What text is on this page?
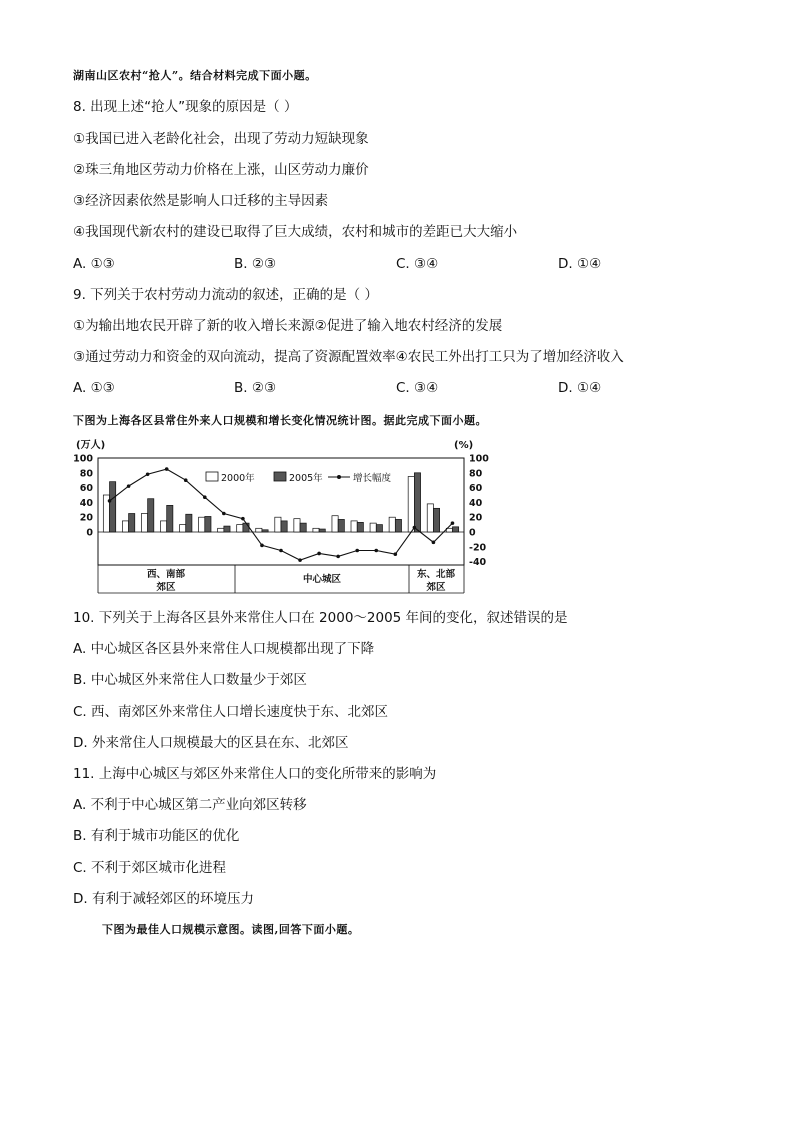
湖南山区农村“抢人”。结合材料完成下面小题。
8. 出现上述“抢人”现象的原因是（ ）
①我国已进入老龄化社会，出现了劳动力短缺现象
②珠三角地区劳动力价格在上涨，山区劳动力廉价
③经济因素依然是影响人口迁移的主导因素
④我国现代新农村的建设已取得了巨大成绩，农村和城市的差距已大大缩小
A. ①③	B. ②③	C. ③④	D. ①④
9. 下列关于农村劳动力流动的叙述，正确的是（ ）
①为输出地农民开辟了新的收入增长来源②促进了输入地农村经济的发展
③通过劳动力和资金的双向流动，提高了资源配置效率④农民工外出打工只为了增加经济收入
A. ①③	B. ②③	C. ③④	D. ①④
下图为上海各区县常住外来人口规模和增长变化情况统计图。据此完成下面小题。
(万人)	(%)
100
80
60
40
20
0
100
80
60
40
20
0
-20
-40
2000年	2005年	增长幅度
西、南部
郊区
中心城区	东、北部
郊区
10. 下列关于上海各区县外来常住人口在 2000～2005 年间的变化，叙述错误的是
A. 中心城区各区县外来常住人口规模都出现了下降
B. 中心城区外来常住人口数量少于郊区
C. 西、南郊区外来常住人口增长速度快于东、北郊区
D. 外来常住人口规模最大的区县在东、北郊区
11. 上海中心城区与郊区外来常住人口的变化所带来的影响为
A. 不利于中心城区第二产业向郊区转移
B. 有利于城市功能区的优化
C. 不利于郊区城市化进程
D. 有利于减轻郊区的环境压力
下图为最佳人口规模示意图。读图,回答下面小题。
